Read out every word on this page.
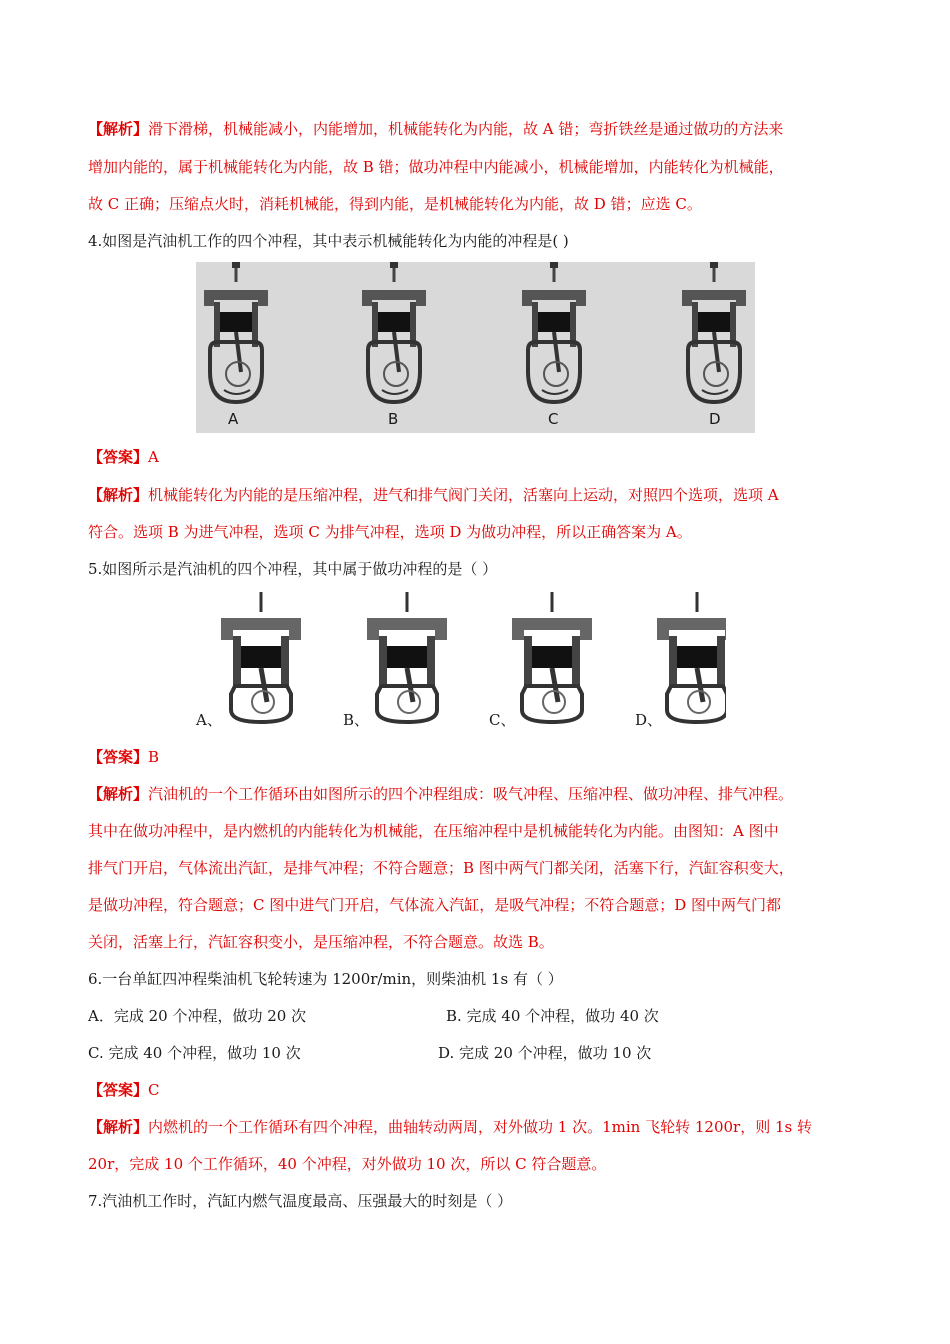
【解析】滑下滑梯，机械能减小，内能增加，机械能转化为内能，故 A 错；弯折铁丝是通过做功的方法来
增加内能的，属于机械能转化为内能，故 B 错；做功冲程中内能减小，机械能增加，内能转化为机械能，
故 C 正确；压缩点火时，消耗机械能，得到内能，是机械能转化为内能，故 D 错；应选 C。
4.如图是汽油机工作的四个冲程，其中表示机械能转化为内能的冲程是( )
A	B	C	D
【答案】A
【解析】机械能转化为内能的是压缩冲程，进气和排气阀门关闭，活塞向上运动，对照四个选项，选项 A
符合。选项 B 为进气冲程，选项 C 为排气冲程，选项 D 为做功冲程，所以正确答案为 A。
5.如图所示是汽油机的四个冲程，其中属于做功冲程的是（ ）
A、	B、	C、	D、
【答案】B
【解析】汽油机的一个工作循环由如图所示的四个冲程组成：吸气冲程、压缩冲程、做功冲程、排气冲程。
其中在做功冲程中，是内燃机的内能转化为机械能，在压缩冲程中是机械能转化为内能。由图知：A 图中
排气门开启，气体流出汽缸，是排气冲程；不符合题意；B 图中两气门都关闭，活塞下行，汽缸容积变大，
是做功冲程，符合题意；C 图中进气门开启，气体流入汽缸，是吸气冲程；不符合题意；D 图中两气门都
关闭，活塞上行，汽缸容积变小，是压缩冲程，不符合题意。故选 B。
6.一台单缸四冲程柴油机飞轮转速为 1200r/min，则柴油机 1s 有（ ）
A．完成 20 个冲程，做功 20 次	B. 完成 40 个冲程，做功 40 次
C. 完成 40 个冲程，做功 10 次	D. 完成 20 个冲程，做功 10 次
【答案】C
【解析】内燃机的一个工作循环有四个冲程，曲轴转动两周，对外做功 1 次。1min 飞轮转 1200r，则 1s 转
20r，完成 10 个工作循环，40 个冲程，对外做功 10 次，所以 C 符合题意。
7.汽油机工作时，汽缸内燃气温度最高、压强最大的时刻是（ ）
